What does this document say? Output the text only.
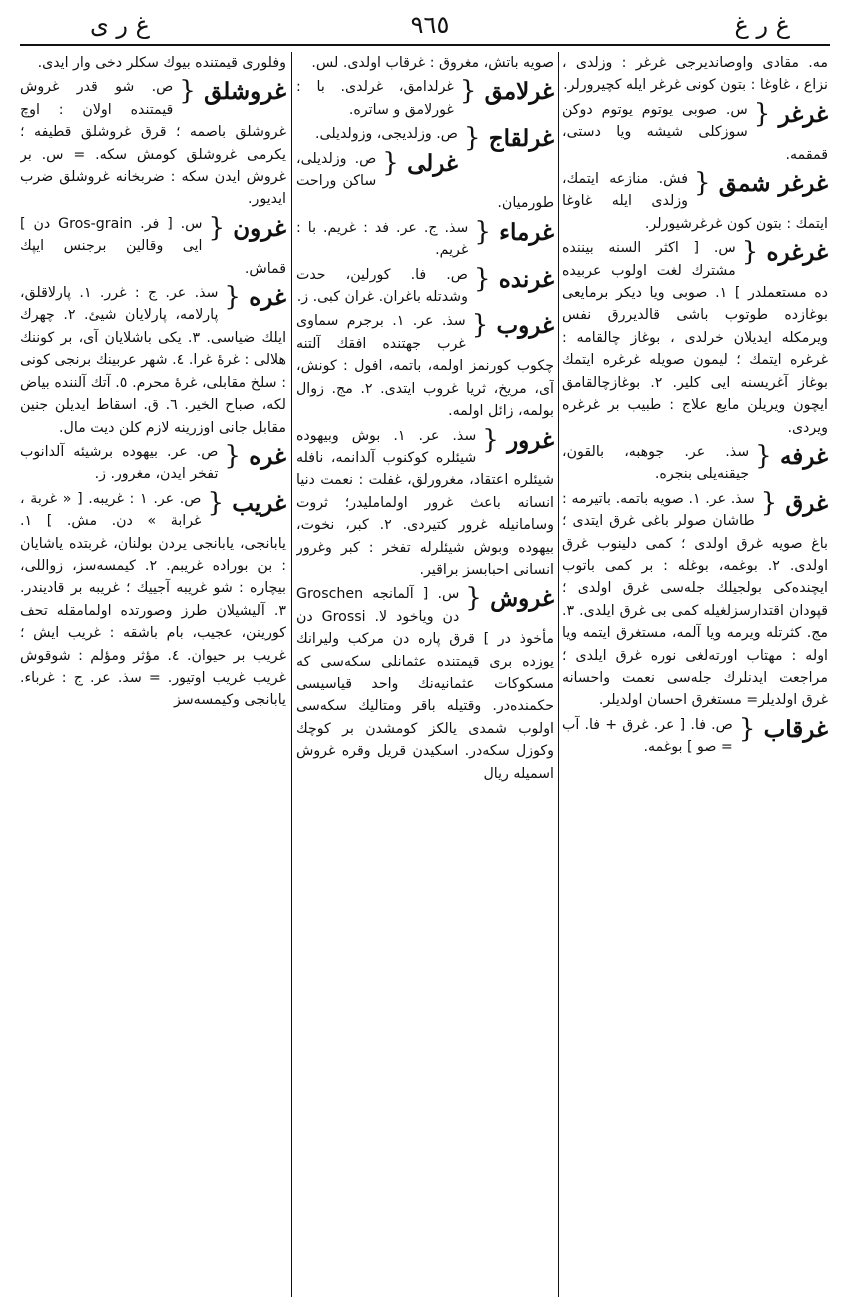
غ ر ى	٩٦٥	غ ر غ
مه. مقادى واوصاندیرجى غرغر : وزلدى ، نزاع ، غاوغا : بتون كونى غرغر ایله كچیرورلر.
غرغر {
س. صوبى يوتوم يوتوم دوكن سوزكلى شیشه ویا دستى، قمقمه.
غرغر شمق {
فش. منازعه ایتمك، وزلدى ایله غاوغا ایتمك : بتون كون غرغرشیورلر.
غرغره {
س. [ اكثر السنه بیننده مشترك لغت اولوب عربیده ده مستعملدر ] ١. صوبى ویا دیكر برمایعى بوغازده طوتوب باشى قالدیررق نفس ویرمكله ایدیلان خرلدى ، بوغاز چالقامه : غرغره ایتمك ؛ لیمون صویله غرغره ایتمك بوغاز آغریسنه ایى كلیر. ٢. بوغازچالقامق ایچون ویریلن مایع علاج : طبیب بر غرغره ویردى.
غرفه {
سذ. عر. جوهبه، بالقون، جیقنه‌یلى بنجره.
غرق {
سذ. عر. ١. صویه باتمه. باتیرمه : طاشان صولر باغى غرق ایتدى ؛ باغ صویه غرق اولدى ؛ كمى دلینوب غرق اولدى. ٢. بوغمه، بوغله : بر كمى باتوب ایچنده‌كى بولجیلك جله‌سى غرق اولدى ؛ قپودان اقتدارسزلغیله كمى بى غرق ایلدى. ٣. مج. كثرتله ویرمه ویا آلمه، مستغرق ایتمه ویا اوله : مهتاب اورته‌لغى نوره غرق ایلدى ؛ مراجعت ایدنلرك جله‌سى نعمت واحسانه غرق اولدیلر= مستغرق احسان اولدیلر.
غرقاب {
ص. فا. [ عر. غرق + فا. آب = صو ] بوغمه.
صویه باتش، مغروق : غرقاب اولدى. لس.
غرلامق {
غرلدامق، غرلدى. با : غورلامق و ساتره.
غرلقاج {
ص. وزلدیجى، وزولدیلى.
غرلى {
ص. وزلدیلى، ساكن وراحت طورمیان.
غرماء {
سذ. ج. عر. فد : غریم. با : غریم.
غرنده {
ص. فا. كورلین، حدت وشدتله باغران. غران كبى. ز.
غروب {
سذ. عر. ١. برجرم سماوى غرب جهتنده افقك آلتنه چكوب كورنمز اولمه، باتمه، افول : كونش، آى، مریخ، ثریا غروب ایتدى. ٢. مج. زوال بولمه، زائل اولمه.
غرور {
سذ. عر. ١. بوش وبیهوده شیئلره كوكنوب آلدانمه، نافله شیئلره اعتقاد، مغرورلق، غفلت : نعمت دنیا انسانه باعث غرور اولمامليدر؛ ثروت وسامانیله غرور كتیردى. ٢. كبر، نخوت، بیهوده وبوش شیئلرله تفخر : كبر وغرور انسانى احبابسز براقیر.
غروش {
س. [ آلمانجه Groschen دن ویاخود لا. Grossi دن مأخوذ در ] قرق پاره دن مركب ولیرانك یوزده برى قیمتنده عثمانلى سكه‌سى كه مسكوكات عثمانیه‌نك واحد قیاسیسى حكمنده‌در. وقتیله باقر ومتالیك سكه‌سى اولوب شمدى یالكز كومشدن بر كوچك وكوزل سكه‌در. اسكیدن قریل وقره غروش اسمیله ریال
وفلورى قیمتنده بیوك سكلر دخى وار ایدى.
غروشلق {
ص. شو قدر غروش قیمتنده اولان : اوچ غروشلق باصمه ؛ قرق غروشلق قطیفه ؛ یكرمى غروشلق كومش سكه. = س. بر غروش ایدن سكه : ضربخانه غروشلق ضرب ایدیور.
غرون {
س. [ فر. Gros-grain دن ] ایى وقالین برجنس ایپك قماش.
غره {
سذ. عر. ج : غرر. ١. پارلاقلق، پارلامه، پارلایان شیئ. ٢. چهرك ایلك ضیاسى. ٣. یكى باشلایان آى، بر كوننك هلالى : غرهٔ غرا. ٤. شهر عربینك برنجى كونى : سلخ مقابلى، غرهٔ محرم. ٥. آتك آلننده بیاض لكه، صباح الخیر. ٦. ق. اسقاط ایدیلن جنین مقابل جانى اوزرینه لازم كلن دیت مال.
غره {
ص. عر. بیهوده برشیئه آلدانوب تفخر ایدن، مغرور. ز.
غریب {
ص. عر. ١ : غریبه. [ « غربة ، غرابة » دن. مش. ] ١. یابانجى، یابانجى یردن بولنان، غربتده یاشایان : بن بوراده غریبم. ٢. كیمسه‌سز، زواللى، بیچاره : شو غریبه آجییك ؛ غریبه بر قادیندر. ٣. آلیشیلان طرز وصورتده اولمامقله تحف كورینن، عجیب، بام باشقه : غریب ایش ؛ غریب بر حیوان. ٤. مؤثر ومؤلم : شوقوش غریب غریب اوتیور. = سذ. عر. ج : غرباء. یابانجى وكیمسه‌سز
